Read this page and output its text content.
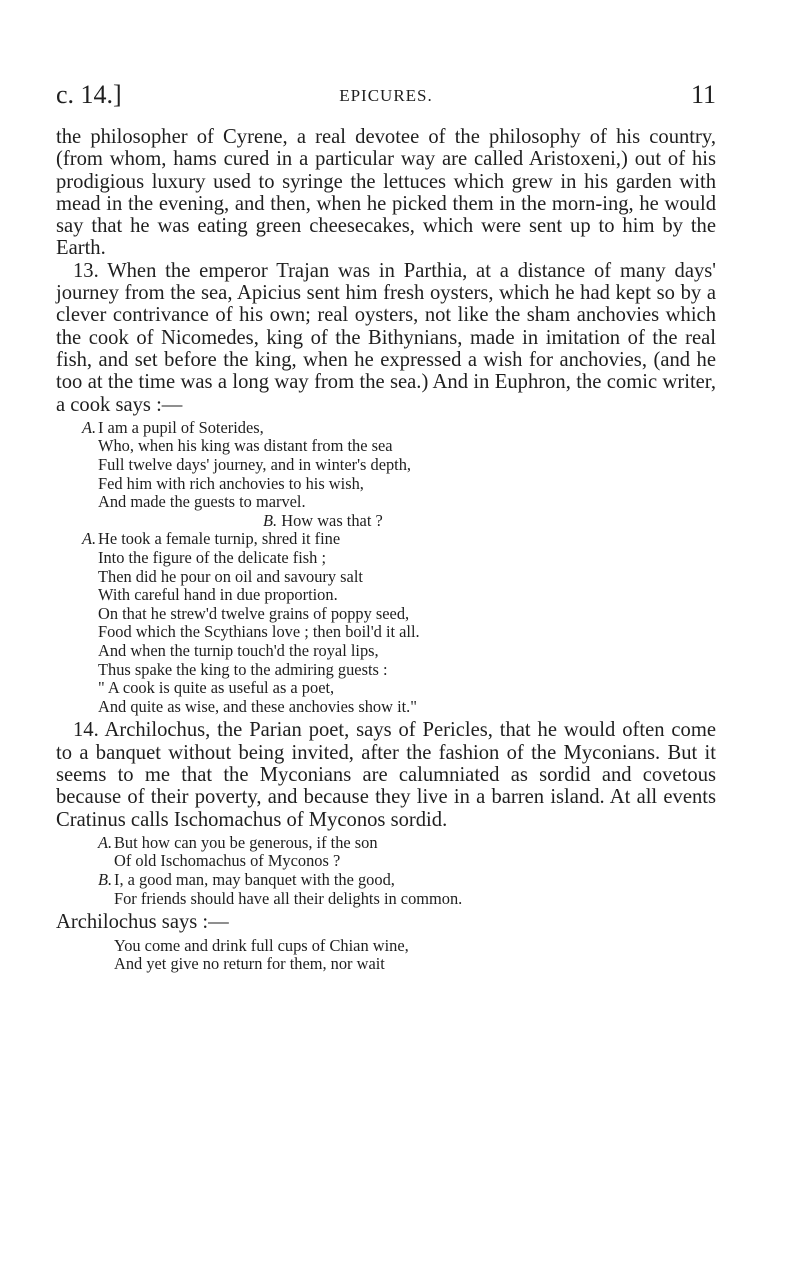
c. 14.]	EPICURES.	11

the philosopher of Cyrene, a real devotee of the philosophy of his country, (from whom, hams cured in a particular way are called Aristoxeni,) out of his prodigious luxury used to syringe the lettuces which grew in his garden with mead in the evening, and then, when he picked them in the morn-ing, he would say that he was eating green cheesecakes, which were sent up to him by the Earth.

13. When the emperor Trajan was in Parthia, at a distance of many days' journey from the sea, Apicius sent him fresh oysters, which he had kept so by a clever contrivance of his own; real oysters, not like the sham anchovies which the cook of Nicomedes, king of the Bithynians, made in imitation of the real fish, and set before the king, when he expressed a wish for anchovies, (and he too at the time was a long way from the sea.) And in Euphron, the comic writer, a cook says :—

A. I am a pupil of Soterides,
Who, when his king was distant from the sea
Full twelve days' journey, and in winter's depth,
Fed him with rich anchovies to his wish,
And made the guests to marvel.
B. How was that ?
A. He took a female turnip, shred it fine
Into the figure of the delicate fish ;
Then did he pour on oil and savoury salt
With careful hand in due proportion.
On that he strew'd twelve grains of poppy seed,
Food which the Scythians love ; then boil'd it all.
And when the turnip touch'd the royal lips,
Thus spake the king to the admiring guests :
" A cook is quite as useful as a poet,
And quite as wise, and these anchovies show it."

14. Archilochus, the Parian poet, says of Pericles, that he would often come to a banquet without being invited, after the fashion of the Myconians. But it seems to me that the Myconians are calumniated as sordid and covetous because of their poverty, and because they live in a barren island. At all events Cratinus calls Ischomachus of Myconos sordid.

A. But how can you be generous, if the son
Of old Ischomachus of Myconos ?
B. I, a good man, may banquet with the good,
For friends should have all their delights in common.

Archilochus says :—

You come and drink full cups of Chian wine,
And yet give no return for them, nor wait
